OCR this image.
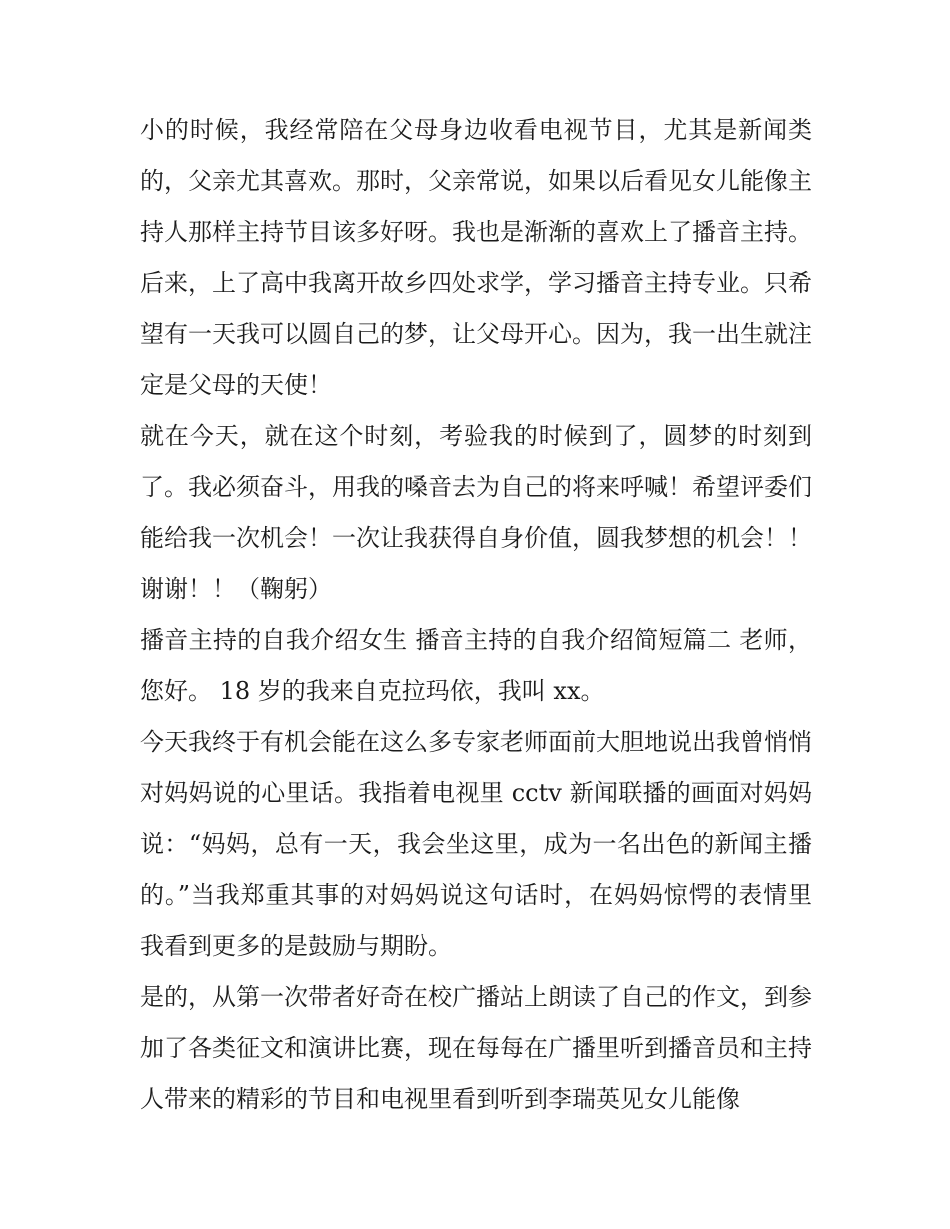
小的时候，我经常陪在父母身边收看电视节目，尤其是新闻类的，父亲尤其喜欢。那时，父亲常说，如果以后看见女儿能像主持人那样主持节目该多好呀。我也是渐渐的喜欢上了播音主持。后来，上了高中我离开故乡四处求学，学习播音主持专业。只希望有一天我可以圆自己的梦，让父母开心。因为，我一出生就注定是父母的天使！

就在今天，就在这个时刻，考验我的时候到了，圆梦的时刻到了。我必须奋斗，用我的嗓音去为自己的将来呼喊！希望评委们能给我一次机会！一次让我获得自身价值，圆我梦想的机会！！谢谢！！（鞠躬）

播音主持的自我介绍女生 播音主持的自我介绍简短篇二 老师，您好。 18 岁的我来自克拉玛依，我叫 xx。

今天我终于有机会能在这么多专家老师面前大胆地说出我曾悄悄对妈妈说的心里话。我指着电视里 cctv 新闻联播的画面对妈妈说：“妈妈，总有一天，我会坐这里，成为一名出色的新闻主播的。”当我郑重其事的对妈妈说这句话时，在妈妈惊愕的表情里我看到更多的是鼓励与期盼。

是的，从第一次带者好奇在校广播站上朗读了自己的作文，到参加了各类征文和演讲比赛，现在每每在广播里听到播音员和主持人带来的精彩的节目和电视里看到听到李瑞英见女儿能像
